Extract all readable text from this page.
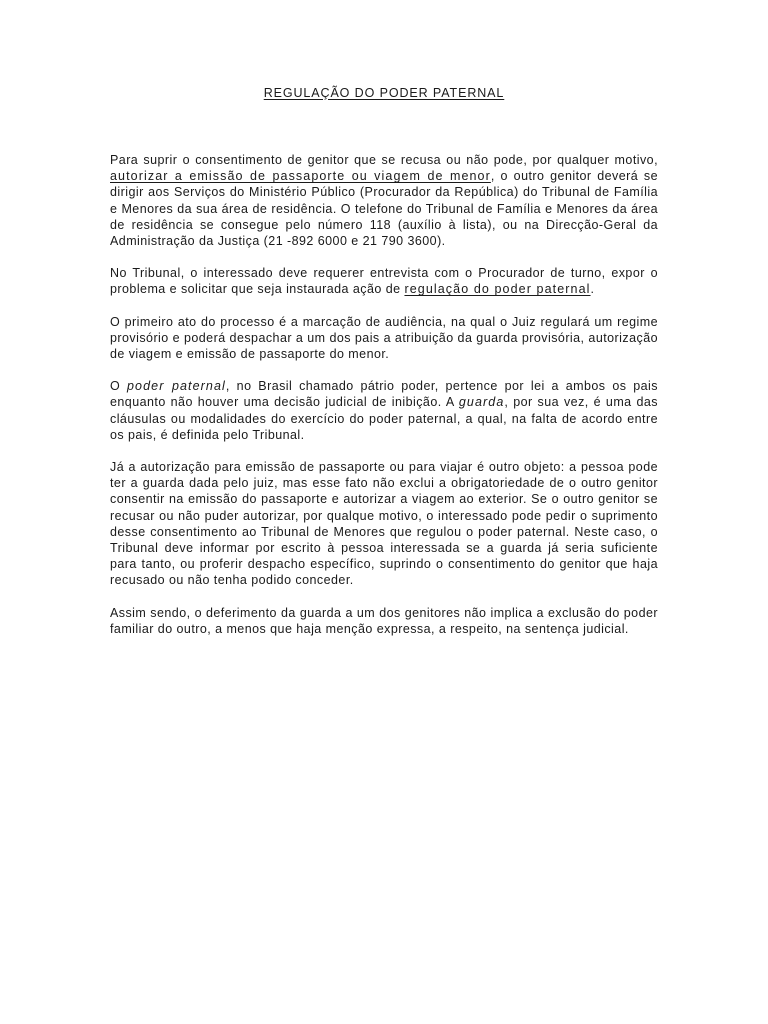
REGULAÇÃO DO PODER PATERNAL

Para suprir o consentimento de genitor que se recusa ou não pode, por qualquer motivo, autorizar a emissão de passaporte ou viagem de menor, o outro genitor deverá se dirigir aos Serviços do Ministério Público (Procurador da República) do Tribunal de Família e Menores da sua área de residência. O telefone do Tribunal de Família e Menores da área de residência se consegue pelo número 118 (auxílio à lista), ou na Direcção-Geral da Administração da Justiça (21 -892 6000 e 21 790 3600).

No Tribunal, o interessado deve requerer entrevista com o Procurador de turno, expor o problema e solicitar que seja instaurada ação de regulação do poder paternal.

O primeiro ato do processo é a marcação de audiência, na qual o Juiz regulará um regime provisório e poderá despachar a um dos pais a atribuição da guarda provisória, autorização de viagem e emissão de passaporte do menor.

O poder paternal, no Brasil chamado pátrio poder, pertence por lei a ambos os pais enquanto não houver uma decisão judicial de inibição. A guarda, por sua vez, é uma das cláusulas ou modalidades do exercício do poder paternal, a qual, na falta de acordo entre os pais, é definida pelo Tribunal.

Já a autorização para emissão de passaporte ou para viajar é outro objeto: a pessoa pode ter a guarda dada pelo juiz, mas esse fato não exclui a obrigatoriedade de o outro genitor consentir na emissão do passaporte e autorizar a viagem ao exterior. Se o outro genitor se recusar ou não puder autorizar, por qualque motivo, o interessado pode pedir o suprimento desse consentimento ao Tribunal de Menores que regulou o poder paternal. Neste caso, o Tribunal deve informar por escrito à pessoa interessada se a guarda já seria suficiente para tanto, ou proferir despacho específico, suprindo o consentimento do genitor que haja recusado ou não tenha podido conceder.

Assim sendo, o deferimento da guarda a um dos genitores não implica a exclusão do poder familiar do outro, a menos que haja menção expressa, a respeito, na sentença judicial.
